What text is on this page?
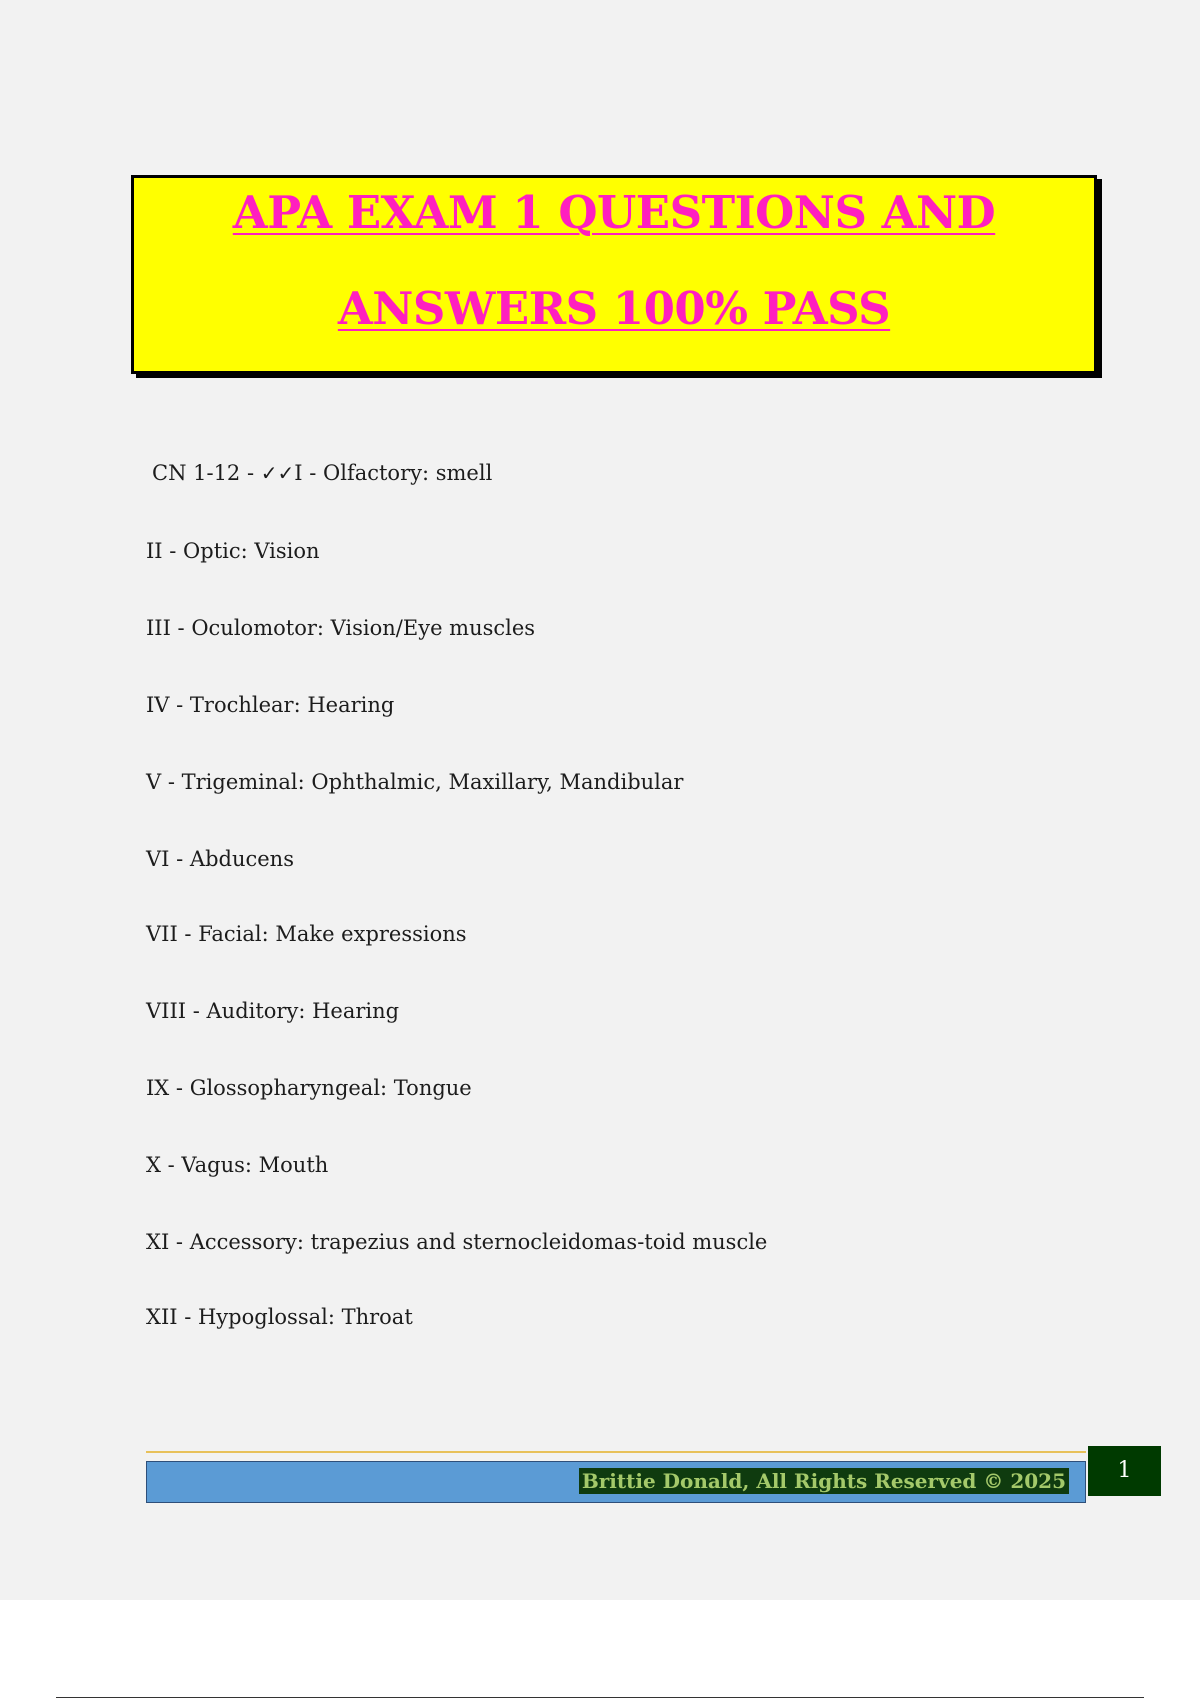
APA EXAM 1 QUESTIONS AND
ANSWERS 100% PASS
CN 1-12 - ✓✓I - Olfactory: smell
II - Optic: Vision
III - Oculomotor: Vision/Eye muscles
IV - Trochlear: Hearing
V - Trigeminal: Ophthalmic, Maxillary, Mandibular
VI - Abducens
VII - Facial: Make expressions
VIII - Auditory: Hearing
IX - Glossopharyngeal: Tongue
X - Vagus: Mouth
XI - Accessory: trapezius and sternocleidomas-toid muscle
XII - Hypoglossal: Throat
Brittie Donald, All Rights Reserved © 2025	1
